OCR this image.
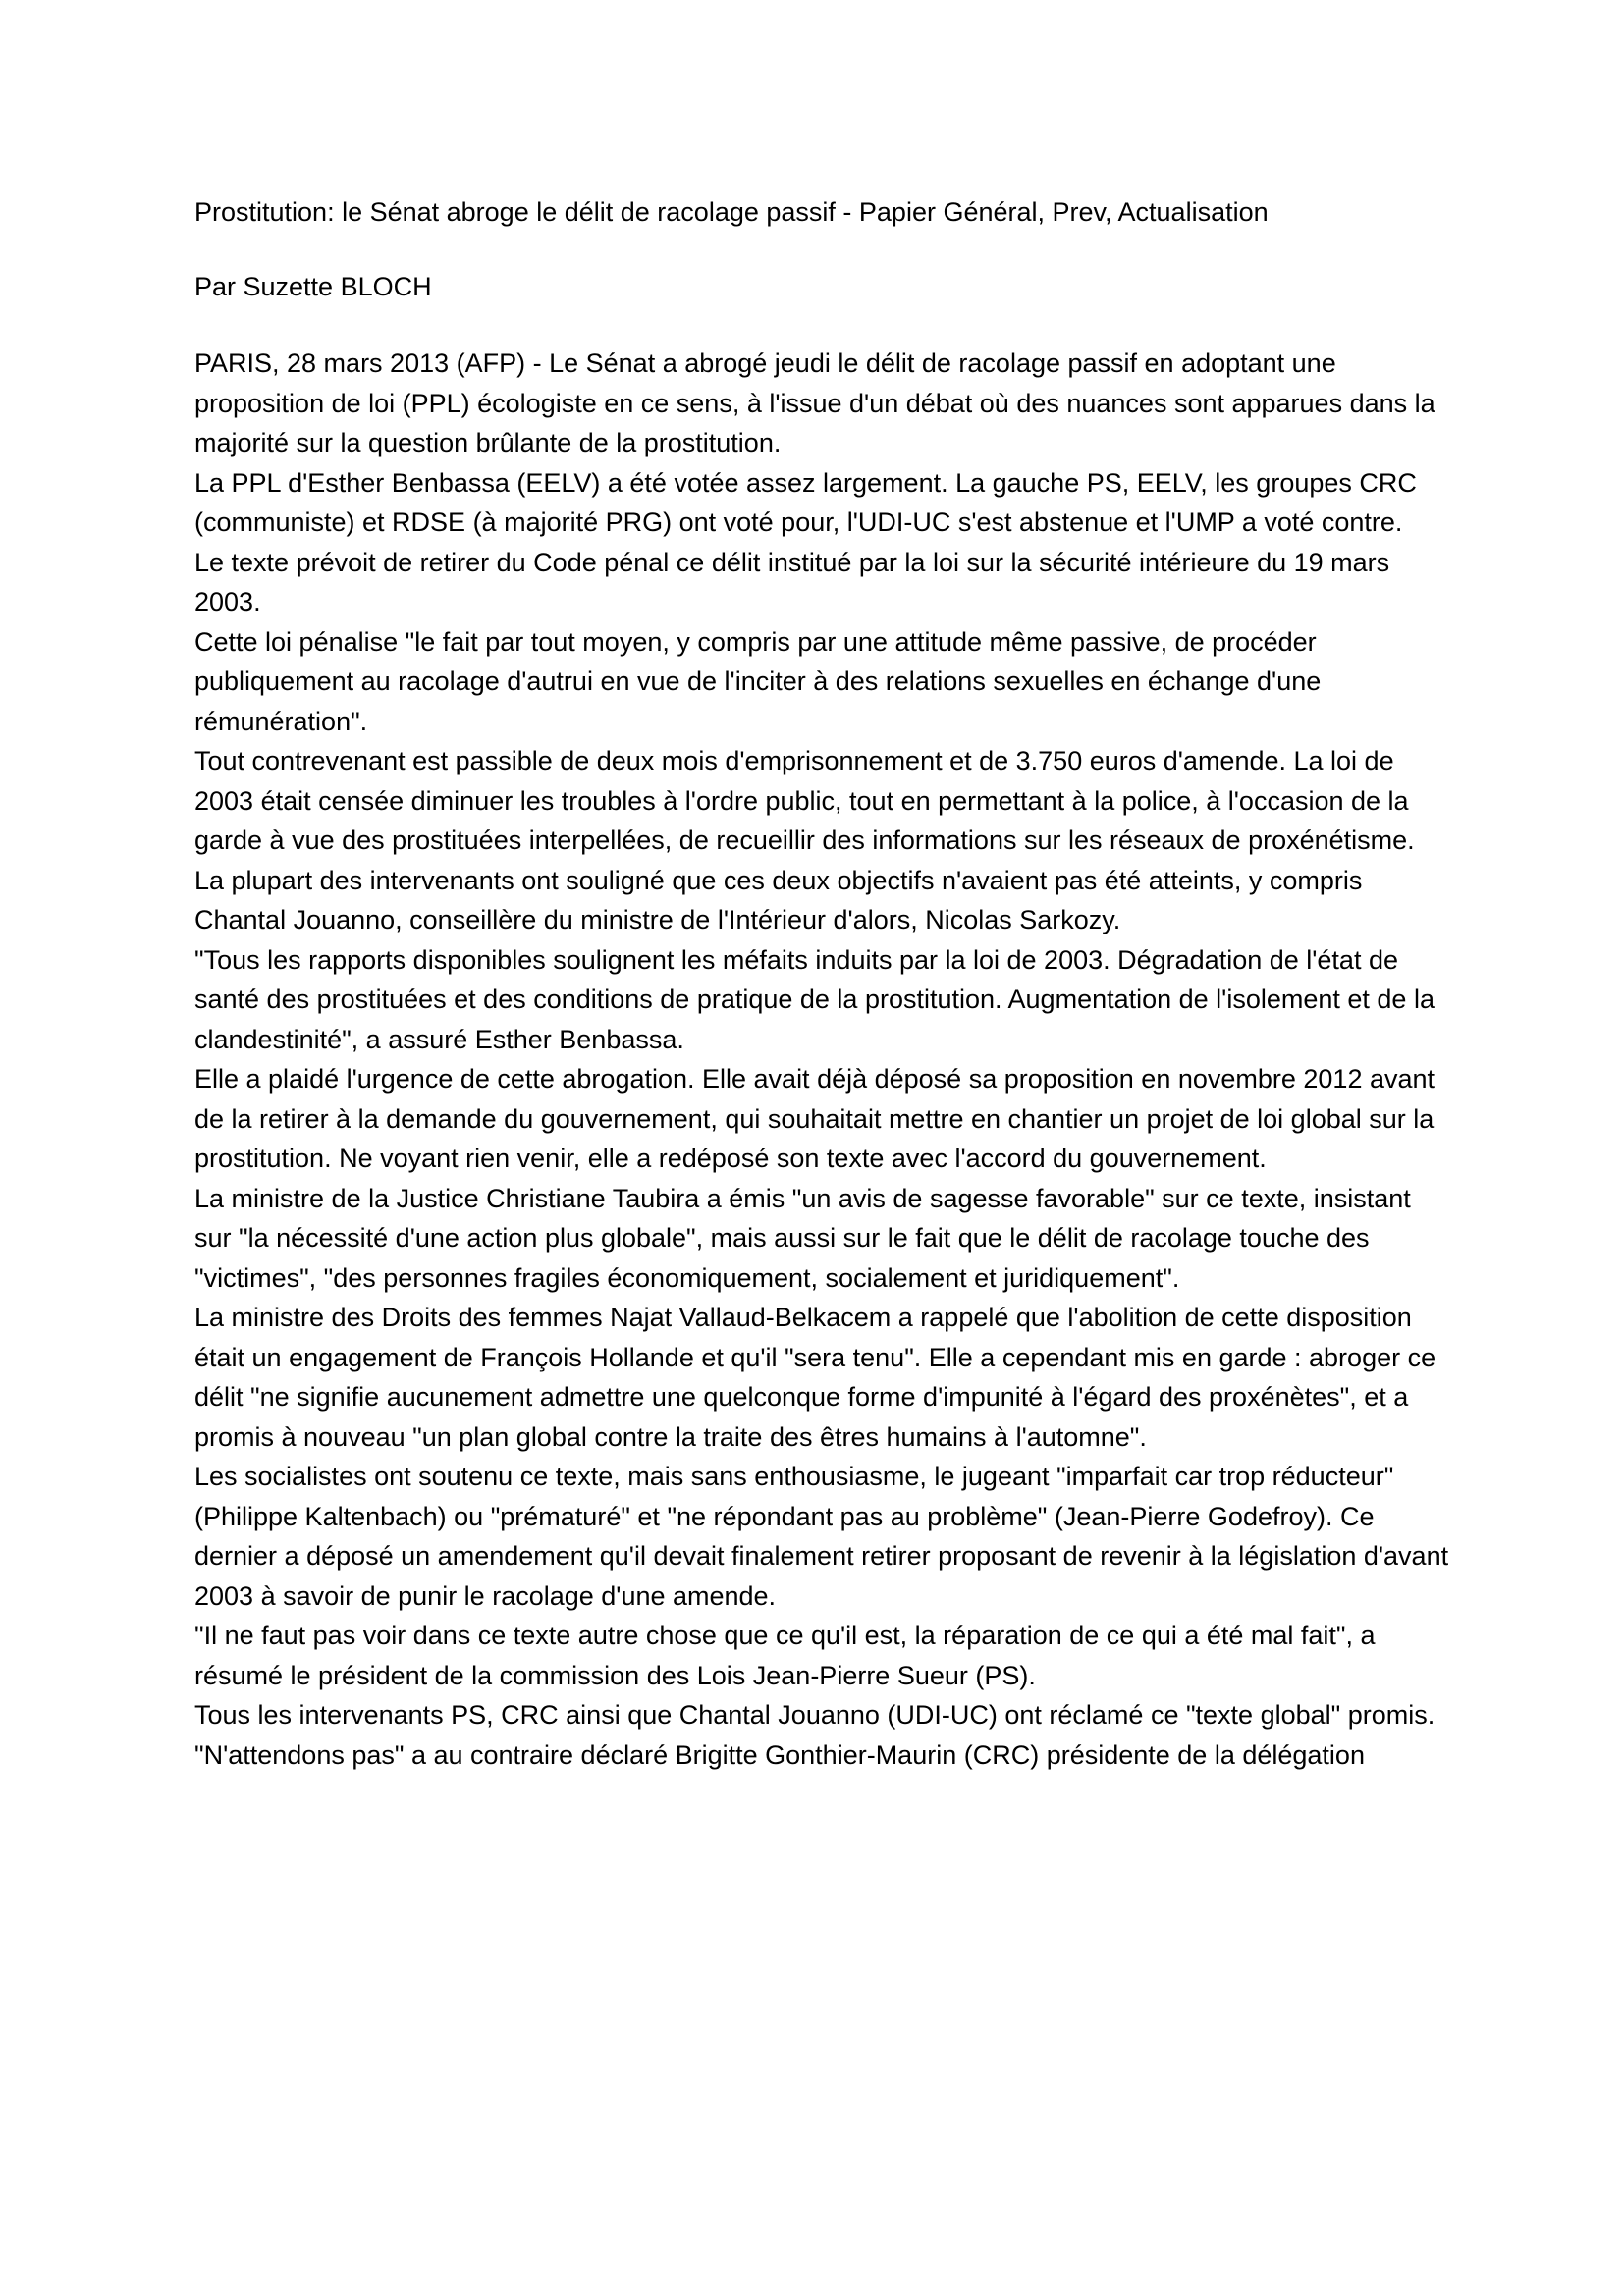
Prostitution: le Sénat abroge le délit de racolage passif - Papier Général, Prev, Actualisation

Par Suzette BLOCH

PARIS, 28 mars 2013 (AFP) - Le Sénat a abrogé jeudi le délit de racolage passif en adoptant une proposition de loi (PPL) écologiste en ce sens, à l'issue d'un débat où des nuances sont apparues dans la majorité sur la question brûlante de la prostitution.

La PPL d'Esther Benbassa (EELV) a été votée assez largement. La gauche PS, EELV, les groupes CRC (communiste) et RDSE (à majorité PRG) ont voté pour, l'UDI-UC s'est abstenue et l'UMP a voté contre.

Le texte prévoit de retirer du Code pénal ce délit institué par la loi sur la sécurité intérieure du 19 mars 2003.

Cette loi pénalise "le fait par tout moyen, y compris par une attitude même passive, de procéder publiquement au racolage d'autrui en vue de l'inciter à des relations sexuelles en échange d'une rémunération".

Tout contrevenant est passible de deux mois d'emprisonnement et de 3.750 euros d'amende. La loi de 2003 était censée diminuer les troubles à l'ordre public, tout en permettant à la police, à l'occasion de la garde à vue des prostituées interpellées, de recueillir des informations sur les réseaux de proxénétisme.

La plupart des intervenants ont souligné que ces deux objectifs n'avaient pas été atteints, y compris Chantal Jouanno, conseillère du ministre de l'Intérieur d'alors, Nicolas Sarkozy.

"Tous les rapports disponibles soulignent les méfaits induits par la loi de 2003. Dégradation de l'état de santé des prostituées et des conditions de pratique de la prostitution. Augmentation de l'isolement et de la clandestinité", a assuré Esther Benbassa.

Elle a plaidé l'urgence de cette abrogation. Elle avait déjà déposé sa proposition en novembre 2012 avant de la retirer à la demande du gouvernement, qui souhaitait mettre en chantier un projet de loi global sur la prostitution. Ne voyant rien venir, elle a redéposé son texte avec l'accord du gouvernement.

La ministre de la Justice Christiane Taubira a émis "un avis de sagesse favorable" sur ce texte, insistant sur "la nécessité d'une action plus globale", mais aussi sur le fait que le délit de racolage touche des "victimes", "des personnes fragiles économiquement, socialement et juridiquement".

La ministre des Droits des femmes Najat Vallaud-Belkacem a rappelé que l'abolition de cette disposition était un engagement de François Hollande et qu'il "sera tenu". Elle a cependant mis en garde : abroger ce délit "ne signifie aucunement admettre une quelconque forme d'impunité à l'égard des proxénètes", et a promis à nouveau "un plan global contre la traite des êtres humains à l'automne".

Les socialistes ont soutenu ce texte, mais sans enthousiasme, le jugeant "imparfait car trop réducteur" (Philippe Kaltenbach) ou "prématuré" et "ne répondant pas au problème" (Jean-Pierre Godefroy). Ce dernier a déposé un amendement qu'il devait finalement retirer proposant de revenir à la législation d'avant 2003 à savoir de punir le racolage d'une amende.

"Il ne faut pas voir dans ce texte autre chose que ce qu'il est, la réparation de ce qui a été mal fait", a résumé le président de la commission des Lois Jean-Pierre Sueur (PS).

Tous les intervenants PS, CRC ainsi que Chantal Jouanno (UDI-UC) ont réclamé ce "texte global" promis.

"N'attendons pas" a au contraire déclaré Brigitte Gonthier-Maurin (CRC) présidente de la délégation
